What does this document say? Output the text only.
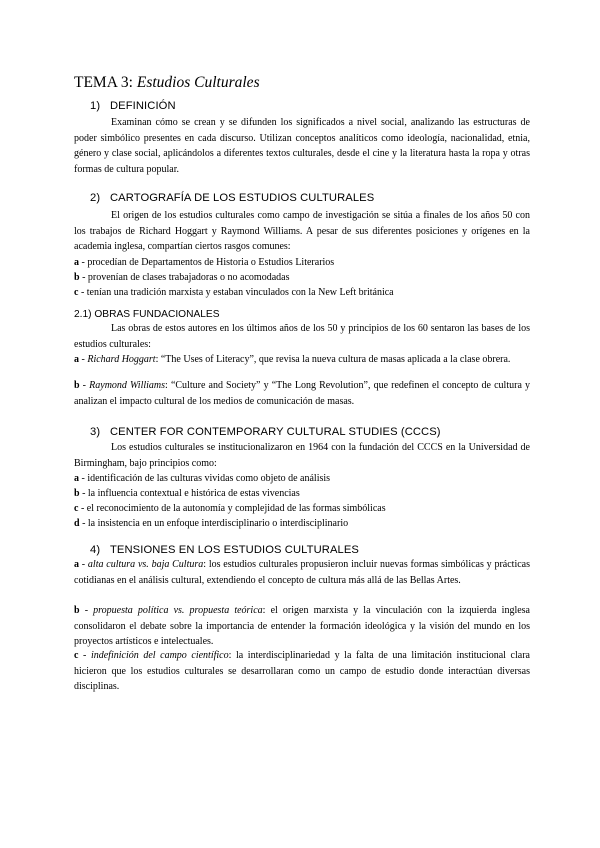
TEMA 3: Estudios Culturales
1) DEFINICIÓN
Examinan cómo se crean y se difunden los significados a nivel social, analizando las estructuras de poder simbólico presentes en cada discurso. Utilizan conceptos analíticos como ideología, nacionalidad, etnia, género y clase social, aplicándolos a diferentes textos culturales, desde el cine y la literatura hasta la ropa y otras formas de cultura popular.
2) CARTOGRAFÍA DE LOS ESTUDIOS CULTURALES
El origen de los estudios culturales como campo de investigación se sitúa a finales de los años 50 con los trabajos de Richard Hoggart y Raymond Williams. A pesar de sus diferentes posiciones y orígenes en la academia inglesa, compartían ciertos rasgos comunes:
a - procedían de Departamentos de Historia o Estudios Literarios
b - provenían de clases trabajadoras o no acomodadas
c - tenían una tradición marxista y estaban vinculados con la New Left británica
2.1) OBRAS FUNDACIONALES
Las obras de estos autores en los últimos años de los 50 y principios de los 60 sentaron las bases de los estudios culturales:
a - Richard Hoggart: “The Uses of Literacy”, que revisa la nueva cultura de masas aplicada a la clase obrera.
b - Raymond Williams: “Culture and Society” y “The Long Revolution”, que redefinen el concepto de cultura y analizan el impacto cultural de los medios de comunicación de masas.
3) CENTER FOR CONTEMPORARY CULTURAL STUDIES (CCCS)
Los estudios culturales se institucionalizaron en 1964 con la fundación del CCCS en la Universidad de Birmingham, bajo principios como:
a - identificación de las culturas vividas como objeto de análisis
b - la influencia contextual e histórica de estas vivencias
c - el reconocimiento de la autonomía y complejidad de las formas simbólicas
d - la insistencia en un enfoque interdisciplinario o interdisciplinario
4) TENSIONES EN LOS ESTUDIOS CULTURALES
a - alta cultura vs. baja Cultura: los estudios culturales propusieron incluir nuevas formas simbólicas y prácticas cotidianas en el análisis cultural, extendiendo el concepto de cultura más allá de las Bellas Artes.
b - propuesta política vs. propuesta teórica: el origen marxista y la vinculación con la izquierda inglesa consolidaron el debate sobre la importancia de entender la formación ideológica y la visión del mundo en los proyectos artísticos e intelectuales.
c - indefinición del campo científico: la interdisciplinariedad y la falta de una limitación institucional clara hicieron que los estudios culturales se desarrollaran como un campo de estudio donde interactúan diversas disciplinas.
